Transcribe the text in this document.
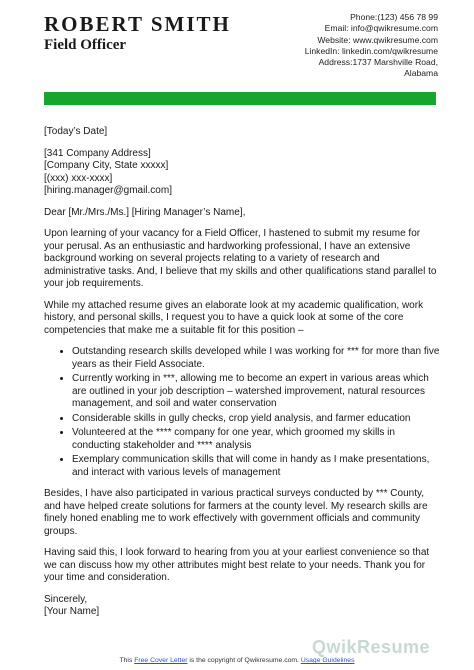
ROBERT SMITH
Field Officer
Phone:(123) 456 78 99
Email: info@qwikresume.com
Website: www.qwikresume.com
LinkedIn: linkedin.com/qwikresume
Address:1737 Marshville Road,
Alabama

[Today’s Date]

[341 Company Address]
[Company City, State xxxxx]
[(xxx) xxx-xxxx]
[hiring.manager@gmail.com]

Dear [Mr./Mrs./Ms.] [Hiring Manager’s Name],

Upon learning of your vacancy for a Field Officer, I hastened to submit my resume for your perusal. As an enthusiastic and hardworking professional, I have an extensive background working on several projects relating to a variety of research and administrative tasks. And, I believe that my skills and other qualifications stand parallel to your job requirements.

While my attached resume gives an elaborate look at my academic qualification, work history, and personal skills, I request you to have a quick look at some of the core competencies that make me a suitable fit for this position –

• Outstanding research skills developed while I was working for *** for more than five years as their Field Associate.
• Currently working in ***, allowing me to become an expert in various areas which are outlined in your job description – watershed improvement, natural resources management, and soil and water conservation
• Considerable skills in gully checks, crop yield analysis, and farmer education
• Volunteered at the **** company for one year, which groomed my skills in conducting stakeholder and **** analysis
• Exemplary communication skills that will come in handy as I make presentations, and interact with various levels of management

Besides, I have also participated in various practical surveys conducted by *** County, and have helped create solutions for farmers at the county level. My research skills are finely honed enabling me to work effectively with government officials and community groups.

Having said this, I look forward to hearing from you at your earliest convenience so that we can discuss how my other attributes might best relate to your needs. Thank you for your time and consideration.

Sincerely,
[Your Name]
QwikResume
This Free Cover Letter is the copyright of Qwikresume.com. Usage Guidelines
